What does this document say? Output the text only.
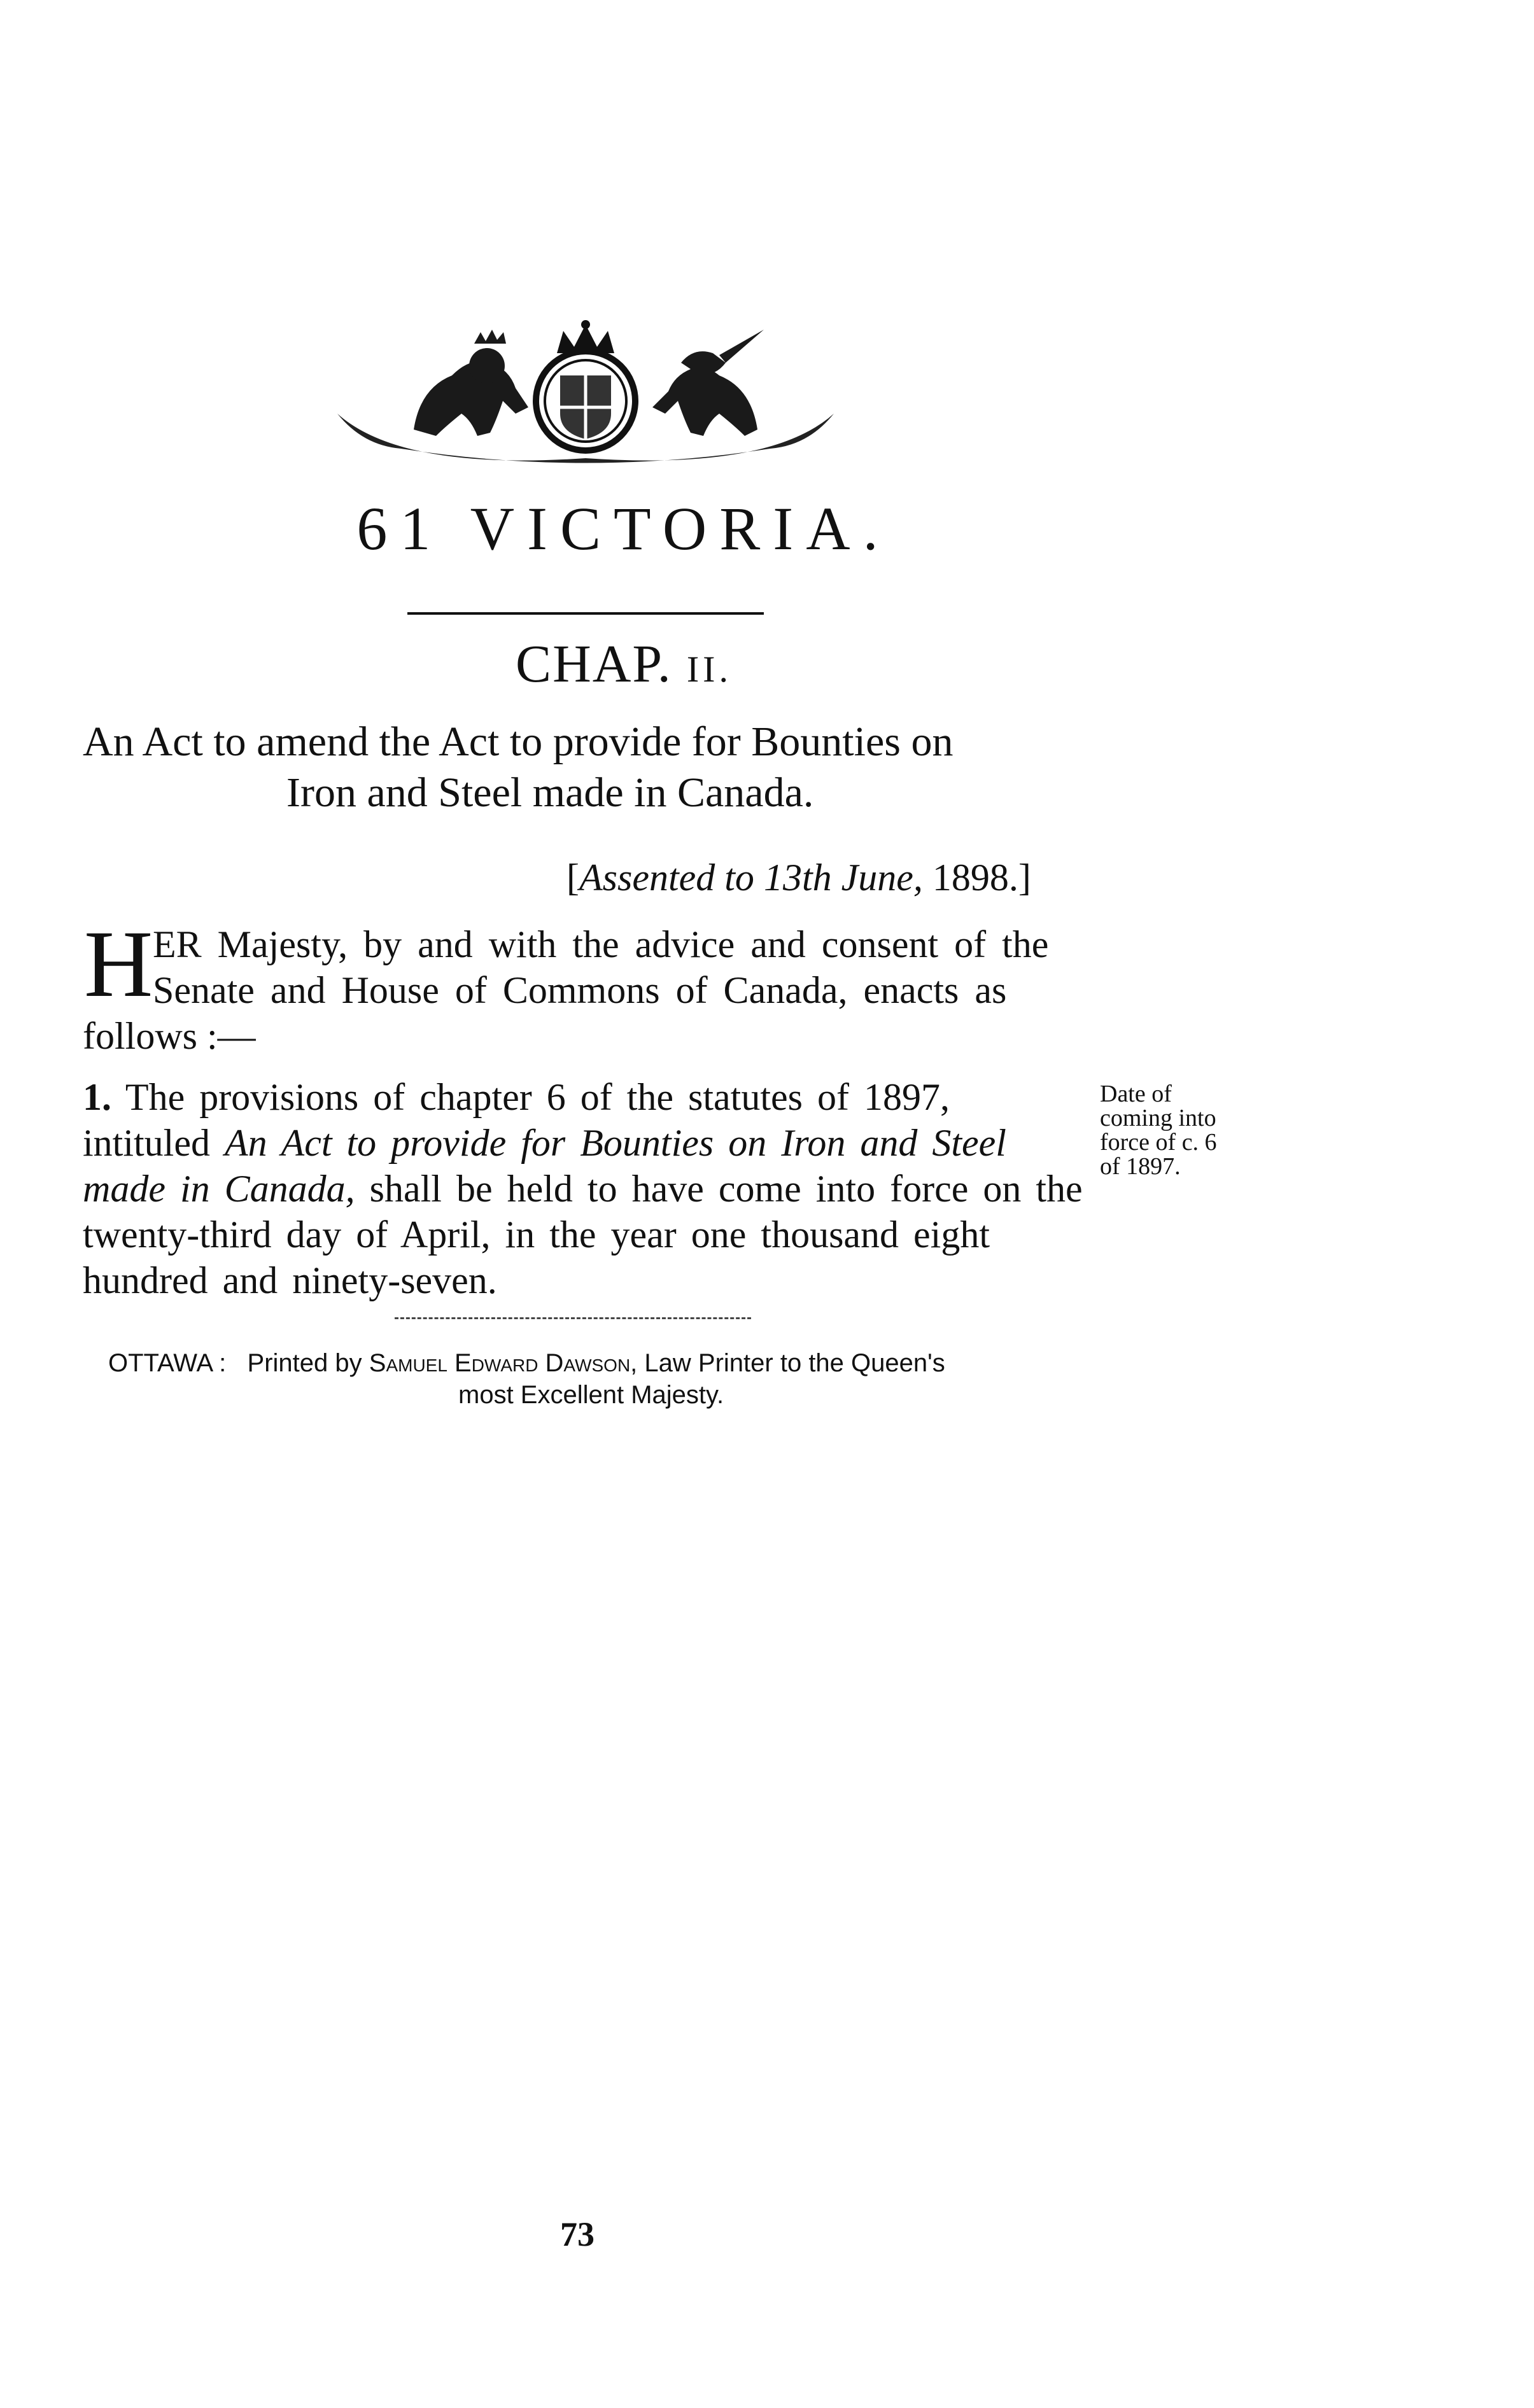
61 VICTORIA.
CHAP. II.
An Act to amend the Act to provide for Bounties on
Iron and Steel made in Canada.
[Assented to 13th June, 1898.]
H ER Majesty, by and with the advice and consent of the
Senate and House of Commons of Canada, enacts as
follows :—
1. The provisions of chapter 6 of the statutes of 1897,
intituled An Act to provide for Bounties on Iron and Steel
made in Canada, shall be held to have come into force on the
twenty-third day of April, in the year one thousand eight
hundred and ninety-seven.
Date of
coming into
force of c. 6
of 1897.
OTTAWA : Printed by Samuel Edward Dawson, Law Printer to the Queen's
most Excellent Majesty.
73
